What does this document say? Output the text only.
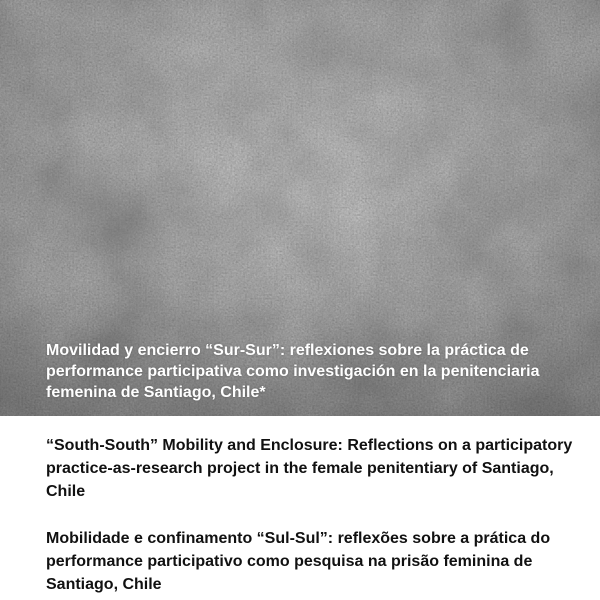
Movilidad y encierro “Sur-Sur”: reflexiones sobre la práctica de performance participativa como investigación en la penitenciaria femenina de Santiago, Chile*

“South-South” Mobility and Enclosure: Reflections on a participatory practice-as-research project in the female penitentiary of Santiago, Chile

Mobilidade e confinamento “Sul-Sul”: reflexões sobre a prática do performance participativo como pesquisa na prisão feminina de Santiago, Chile
